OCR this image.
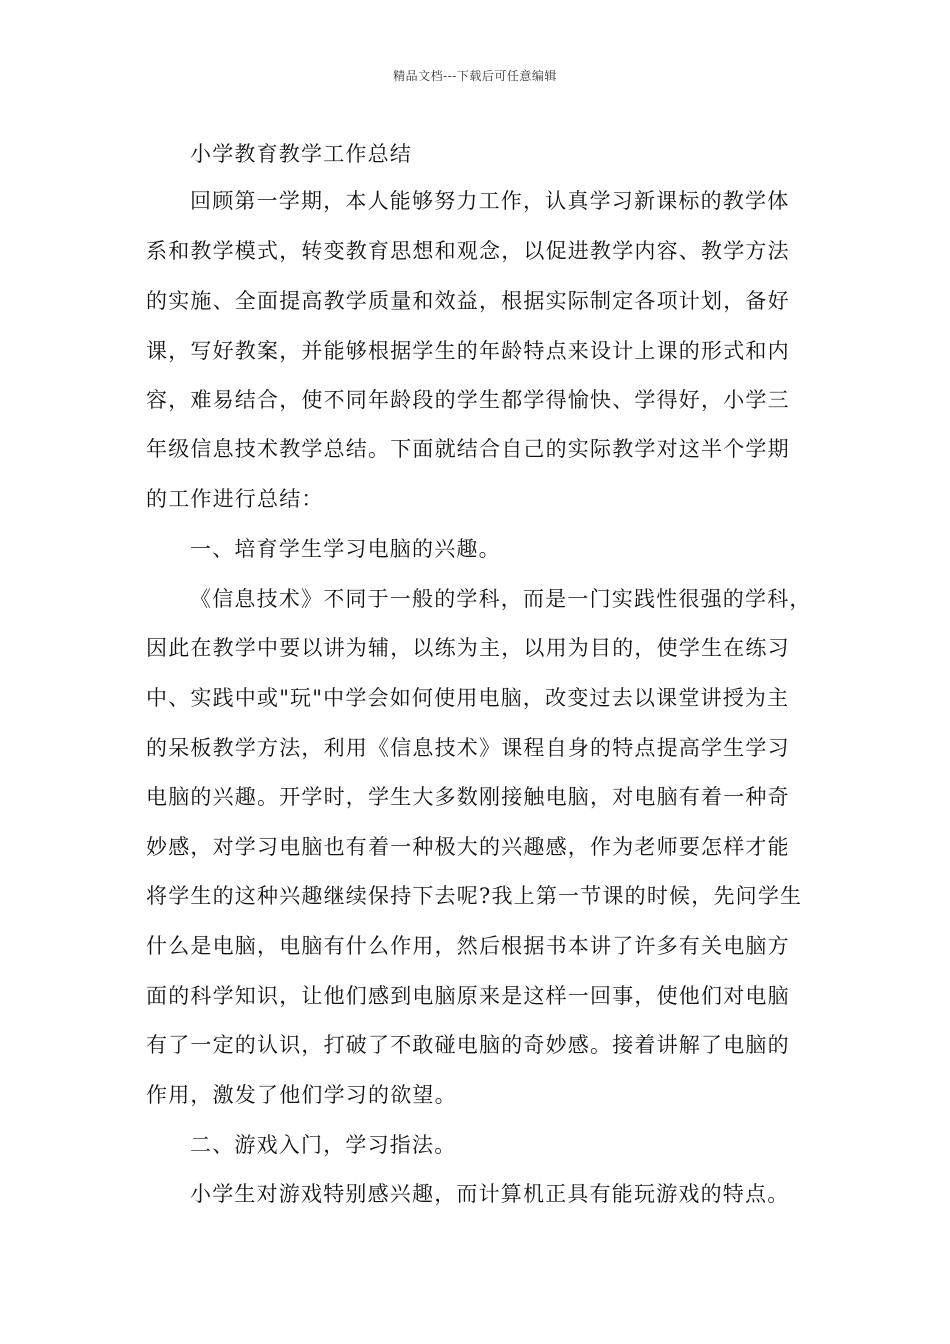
精品文档---下载后可任意编辑
小学教育教学工作总结
回顾第一学期，本人能够努力工作，认真学习新课标的教学体
系和教学模式，转变教育思想和观念，以促进教学内容、教学方法
的实施、全面提高教学质量和效益，根据实际制定各项计划，备好
课，写好教案，并能够根据学生的年龄特点来设计上课的形式和内
容，难易结合，使不同年龄段的学生都学得愉快、学得好，小学三
年级信息技术教学总结。下面就结合自己的实际教学对这半个学期
的工作进行总结：
一、培育学生学习电脑的兴趣。
《信息技术》不同于一般的学科，而是一门实践性很强的学科，
因此在教学中要以讲为辅，以练为主，以用为目的，使学生在练习
中、实践中或"玩"中学会如何使用电脑，改变过去以课堂讲授为主
的呆板教学方法，利用《信息技术》课程自身的特点提高学生学习
电脑的兴趣。开学时，学生大多数刚接触电脑，对电脑有着一种奇
妙感，对学习电脑也有着一种极大的兴趣感，作为老师要怎样才能
将学生的这种兴趣继续保持下去呢?我上第一节课的时候，先问学生
什么是电脑，电脑有什么作用，然后根据书本讲了许多有关电脑方
面的科学知识，让他们感到电脑原来是这样一回事，使他们对电脑
有了一定的认识，打破了不敢碰电脑的奇妙感。接着讲解了电脑的
作用，激发了他们学习的欲望。
二、游戏入门，学习指法。
小学生对游戏特别感兴趣，而计算机正具有能玩游戏的特点。
